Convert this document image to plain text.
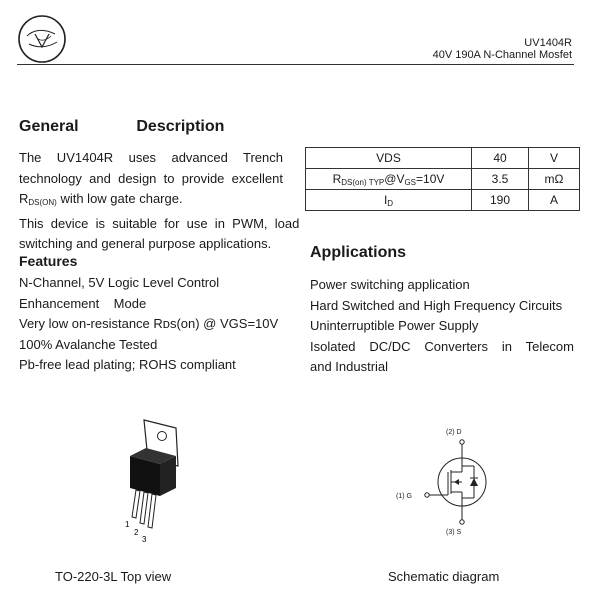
UV1404R
40V 190A N-Channel Mosfet
General    Description
The  UV1404R  uses  advanced  Trench
technology  and  design  to  provide  excellent
RDS(ON) with low gate charge.
This  device  is  suitable  for  use  in  PWM,  load
switching and general purpose applications.
Features
N-Channel, 5V Logic Level Control
Enhancement    Mode
Very low on-resistance Rᴅs(on) @ VGS=10V
100% Avalanche Tested
Pb-free lead plating; ROHS compliant
VDS	40	V
$R_{DS(on) TYP}@V_{GS}=10V$	3.5	mΩ
$I_D$	190	A
Applications
Power switching application
Hard Switched and High Frequency Circuits
Uninterruptible Power Supply
Isolated  DC/DC  Converters  in  Telecom  and Industrial
1
2
3
TO-220-3L Top view
(2) D
(1) G
(3) S
Schematic diagram
